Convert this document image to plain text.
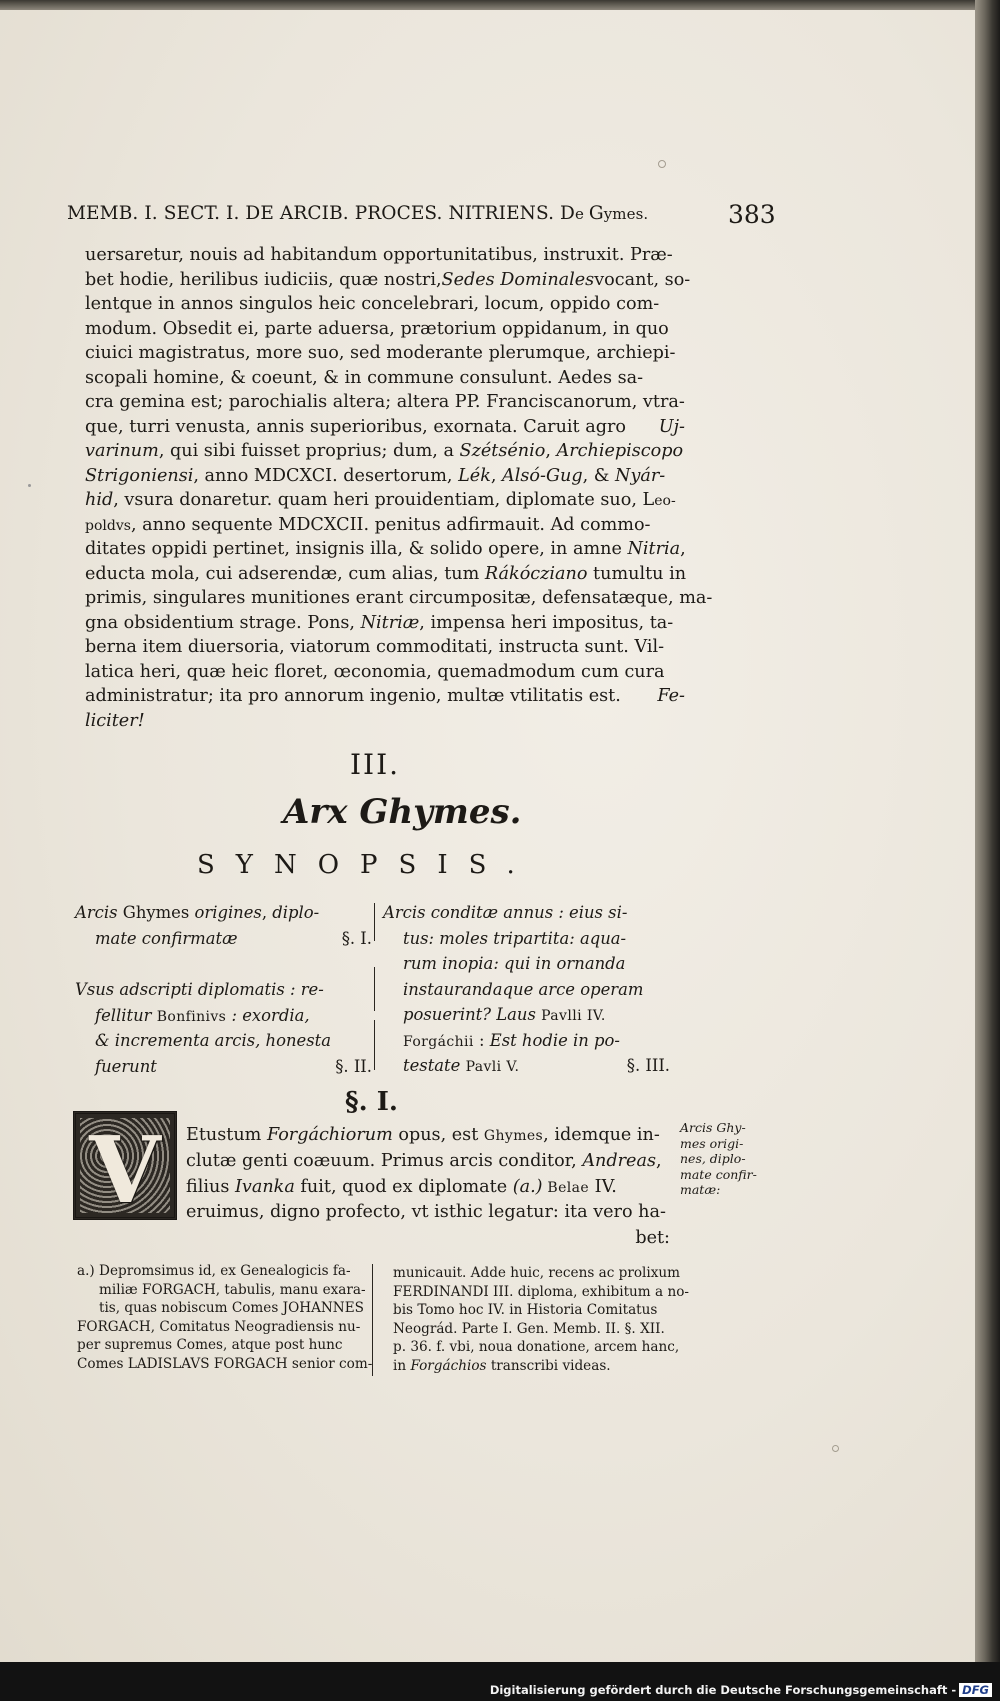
MEMB. I. SECT. I. DE ARCIB. PROCES. NITRIENS. De Gymes.	383
uersaretur, nouis ad habitandum opportunitatibus, instruxit. Præ-
bet hodie, herilibus iudiciis, quæ nostri, Sedes Dominales vocant, so-
lentque in annos singulos heic concelebrari, locum, oppido com-
modum. Obsedit ei, parte aduersa, prætorium oppidanum, in quo
ciuici magistratus, more suo, sed moderante plerumque, archiepi-
scopali homine, & coeunt, & in commune consulunt. Aedes sa-
cra gemina est; parochialis altera; altera PP. Franciscanorum, vtra-
que, turri venusta, annis superioribus, exornata. Caruit agro Uj-
varinum, qui sibi fuisset proprius; dum, a Szétsénio, Archiepiscopo
Strigoniensi, anno MDCXCI. desertorum, Lék, Alsó-Gug, & Nyár-
hid, vsura donaretur. quam heri prouidentiam, diplomate suo, Leo-
poldvs, anno sequente MDCXCII. penitus adfirmauit. Ad commo-
ditates oppidi pertinet, insignis illa, & solido opere, in amne Nitria,
educta mola, cui adserendæ, cum alias, tum Rákócziano tumultu in
primis, singulares munitiones erant circumpositæ, defensatæque, ma-
gna obsidentium strage. Pons, Nitriæ, impensa heri impositus, ta-
berna item diuersoria, viatorum commoditati, instructa sunt. Vil-
latica heri, quæ heic floret, œconomia, quemadmodum cum cura
administratur; ita pro annorum ingenio, multæ vtilitatis est. Fe-
liciter!
III.
Arx Ghymes.
SYNOPSIS.
Arcis Ghymes origines, diplo-
mate confirmatæ	§. I.
Vsus adscripti diplomatis : re-
fellitur Bonfinivs : exordia,
& incrementa arcis, honesta
fuerunt	§. II.
Arcis conditæ annus : eius si-
tus: moles tripartita: aqua-
rum inopia: qui in ornanda
instaurandaque arce operam
posuerint? Laus Pavlli IV.
Forgáchii : Est hodie in po-
testate Pavli V.	§. III.
§. I.
V	Etustum Forgáchiorum opus, est Ghymes, idemque in-
clutæ genti coæuum. Primus arcis conditor, Andreas,
filius Ivanka fuit, quod ex diplomate (a.) Belae IV.
eruimus, digno profecto, vt isthic legatur: ita vero ha-
bet:
Arcis Ghy-
mes origi-
nes, diplo-
mate confir-
matæ:
a.) Depromsimus id, ex Genealogicis fa-
miliæ FORGACH, tabulis, manu exara-
tis, quas nobiscum Comes JOHANNES
FORGACH, Comitatus Neogradiensis nu-
per supremus Comes, atque post hunc
Comes LADISLAVS FORGACH senior com-
municauit. Adde huic, recens ac prolixum
FERDINANDI III. diploma, exhibitum a no-
bis Tomo hoc IV. in Historia Comitatus
Neográd. Parte I. Gen. Memb. II. §. XII.
p. 36. f. vbi, noua donatione, arcem hanc,
in Forgáchios transcribi videas.
Digitalisierung gefördert durch die Deutsche Forschungsgemeinschaft - DFG
